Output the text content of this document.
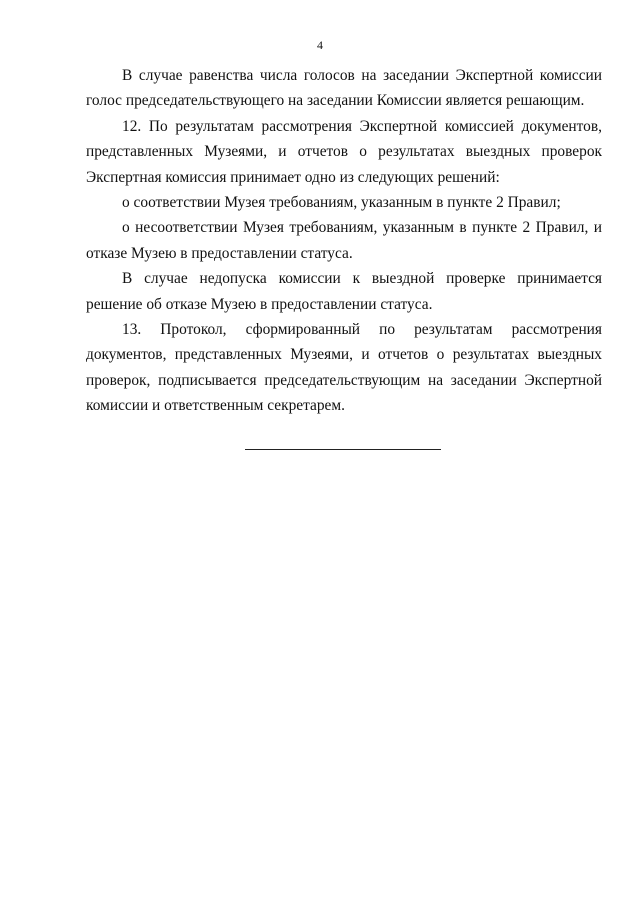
4

В случае равенства числа голосов на заседании Экспертной комиссии голос председательствующего на заседании Комиссии является решающим.

12. По результатам рассмотрения Экспертной комиссией документов, представленных Музеями, и отчетов о результатах выездных проверок Экспертная комиссия принимает одно из следующих решений:

о соответствии Музея требованиям, указанным в пункте 2 Правил;

о несоответствии Музея требованиям, указанным в пункте 2 Правил, и отказе Музею в предоставлении статуса.

В случае недопуска комиссии к выездной проверке принимается решение об отказе Музею в предоставлении статуса.

13. Протокол, сформированный по результатам рассмотрения документов, представленных Музеями, и отчетов о результатах выездных проверок, подписывается председательствующим на заседании Экспертной комиссии и ответственным секретарем.
